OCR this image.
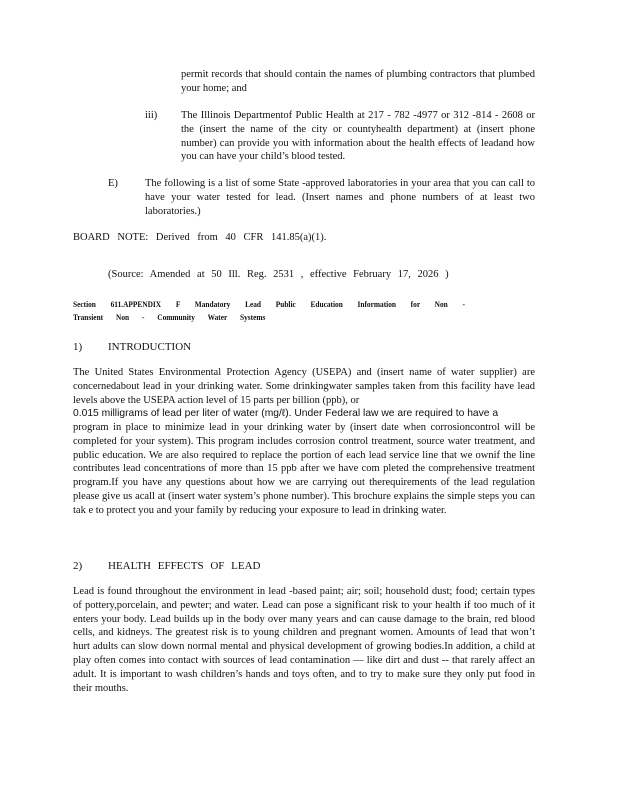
permit records that should contain the names of plumbing contractors that plumbed your home; and

iii) The Illinois Departmentof Public Health at 217 - 782 -4977 or 312 -814 - 2608 or the (insert the name of the city or countyhealth department) at (insert phone number) can provide you with information about the health effects of leadand how you can have your child’s blood tested.

E)	The following is a list of some State -approved laboratories in your area that you can call to have your water tested for lead. (Insert names and phone numbers of at least two laboratories.)

BOARD NOTE: Derived from 40 CFR 141.85(a)(1).

(Source: Amended at 50 Ill. Reg. 2531 , effective February 17, 2026 )

Section 611.APPENDIX F Mandatory Lead Public Education Information for Non -
Transient Non - Community Water Systems
1) INTRODUCTION

The United States Environmental Protection Agency (USEPA) and (insert name of water supplier) are concernedabout lead in your drinking water. Some drinkingwater samples taken from this facility have lead levels above the USEPA action level of 15 parts per billion (ppb), or

0.015 milligrams of lead per liter of water (mg/ℓ). Under Federal law we are required to have a

program in place to minimize lead in your drinking water by (insert date when corrosioncontrol will be completed for your system). This program includes corrosion control treatment, source water treatment, and public education. We are also required to replace the portion of each lead service line that we ownif the line contributes lead concentrations of more than 15 ppb after we have com pleted the comprehensive treatment program.If you have any questions about how we are carrying out therequirements of the lead regulation please give us acall at (insert water system’s phone number). This brochure explains the simple steps you can tak e to protect you and your family by reducing your exposure to lead in drinking water.

2) HEALTH EFFECTS OF LEAD

Lead is found throughout the environment in lead -based paint; air; soil; household dust; food; certain types of pottery,porcelain, and pewter; and water. Lead can pose a significant risk to your health if too much of it enters your body. Lead builds up in the body over many years and can cause damage to the brain, red blood cells, and kidneys. The greatest risk is to young children and pregnant women. Amounts of lead that won’t hurt adults can slow down normal mental and physical development of growing bodies.In addition, a child at play often comes into contact with sources of lead contamination — like dirt and dust -- that rarely affect an adult. It is important to wash children’s hands and toys often, and to try to make sure they only put food in their mouths.
